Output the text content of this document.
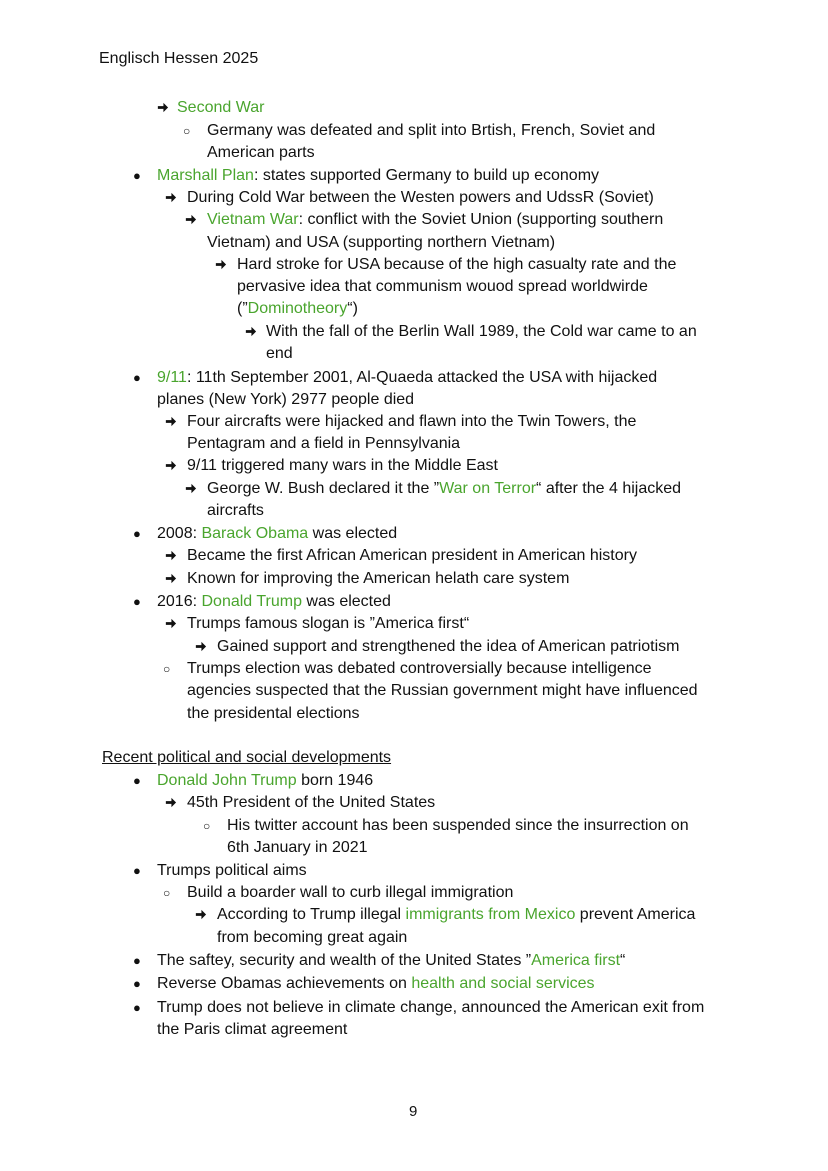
Englisch Hessen 2025
Second War
○ Germany was defeated and split into Brtish, French, Soviet and
American parts
● Marshall Plan: states supported Germany to build up economy
During Cold War between the Westen powers and UdssR (Soviet)
Vietnam War: conflict with the Soviet Union (supporting southern
Vietnam) and USA (supporting northern Vietnam)
Hard stroke for USA because of the high casualty rate and the
pervasive idea that communism wouod spread worldwirde
(”Dominotheory“)
With the fall of the Berlin Wall 1989, the Cold war came to an
end
● 9/11: 11th September 2001, Al-Quaeda attacked the USA with hijacked
planes (New York) 2977 people died
Four aircrafts were hijacked and flawn into the Twin Towers, the
Pentagram and a field in Pennsylvania
9/11 triggered many wars in the Middle East
George W. Bush declared it the ”War on Terror“ after the 4 hijacked
aircrafts
● 2008: Barack Obama was elected
Became the first African American president in American history
Known for improving the American helath care system
● 2016: Donald Trump was elected
Trumps famous slogan is ”America first“
Gained support and strengthened the idea of American patriotism
○ Trumps election was debated controversially because intelligence
agencies suspected that the Russian government might have influenced
the presidental elections
Recent political and social developments
● Donald John Trump born 1946
45th President of the United States
○ His twitter account has been suspended since the insurrection on
6th January in 2021
● Trumps political aims
○ Build a boarder wall to curb illegal immigration
According to Trump illegal immigrants from Mexico prevent America
from becoming great again
● The saftey, security and wealth of the United States ”America first“
● Reverse Obamas achievements on health and social services
● Trump does not believe in climate change, announced the American exit from
the Paris climat agreement
9
